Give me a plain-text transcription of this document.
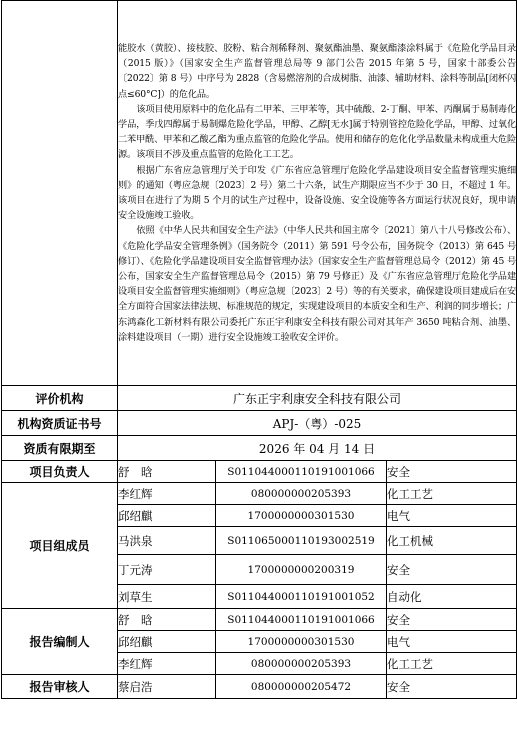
	能胶水（黄胶）、接枝胶、胶粉、粘合剂稀释剂、聚氨酯油墨、聚氨酯漆涂料属于《危险化学品目录（2015 版）》（国家安全生产监督管理总局等 9 部门公告 2015 年第 5 号，国家十部委公告〔2022〕第 8 号）中序号为 2828（含易燃溶剂的合成树脂、油漆、辅助材料、涂料等制品[闭杯闪点≤60°C]）的危化品。

该项目使用原料中的危化品有二甲苯、三甲苯等，其中硫酸、2-丁酮、甲苯、丙酮属于易制毒化学品，季戊四醇属于易制爆危险化学品，甲醇、乙醇[无水]属于特别管控危险化学品，甲醇、过氧化二苯甲酰、甲苯和乙酸乙酯为重点监管的危险化学品。使用和储存的危化化学品数量未构成重大危险源。该项目不涉及重点监管的危险化工工艺。

根据广东省应急管理厅关于印发《广东省应急管理厅危险化学品建设项目安全监督管理实施细则》的通知（粤应急规〔2023〕2 号）第二十六条，试生产期限应当不少于 30 日，不超过 1 年。该项目在进行了为期 5 个月的试生产过程中，设备设施、安全设施等各方面运行状况良好，现申请安全设施竣工验收。

依照《中华人民共和国安全生产法》（中华人民共和国主席令〔2021〕第八十八号修改公布）、《危险化学品安全管理条例》（国务院令（2011）第 591 号令公布，国务院令（2013）第 645 号修订）、《危险化学品建设项目安全监督管理办法》（国家安全生产监督管理总局令（2012）第 45 号公布，国家安全生产监督管理总局令（2015）第 79 号修正）及《广东省应急管理厅危险化学品建设项目安全监督管理实施细则》（粤应急规〔2023〕2 号）等的有关要求，确保建设项目建成后在安全方面符合国家法律法规、标准规范的规定，实现建设项目的本质安全和生产、利润的同步增长；广东鸿森化工新材料有限公司委托广东正宇利康安全科技有限公司对其年产 3650 吨粘合剂、油墨、涂料建设项目（一期）进行安全设施竣工验收安全评价。		

评价机构	广东正宇利康安全科技有限公司		
机构资质证书号	APJ-（粤）-025		
资质有限期至	2026 年 04 月 14 日		
项目负责人	舒　晗	S011044000110191001066	安全
项目组成员	李红辉	080000000205393	化工工艺
	邱绍麒	1700000000301530	电气
	马洪泉	S011065000110193002519	化工机械
	丁元涛	1700000000200319	安全

	刘草生	S011044000110191001052	自动化
报告编制人	舒　晗	S011044000110191001066	安全
	邱绍麒	1700000000301530	电气
	李红辉	080000000205393	化工工艺
报告审核人	蔡启浩	080000000205472	安全
